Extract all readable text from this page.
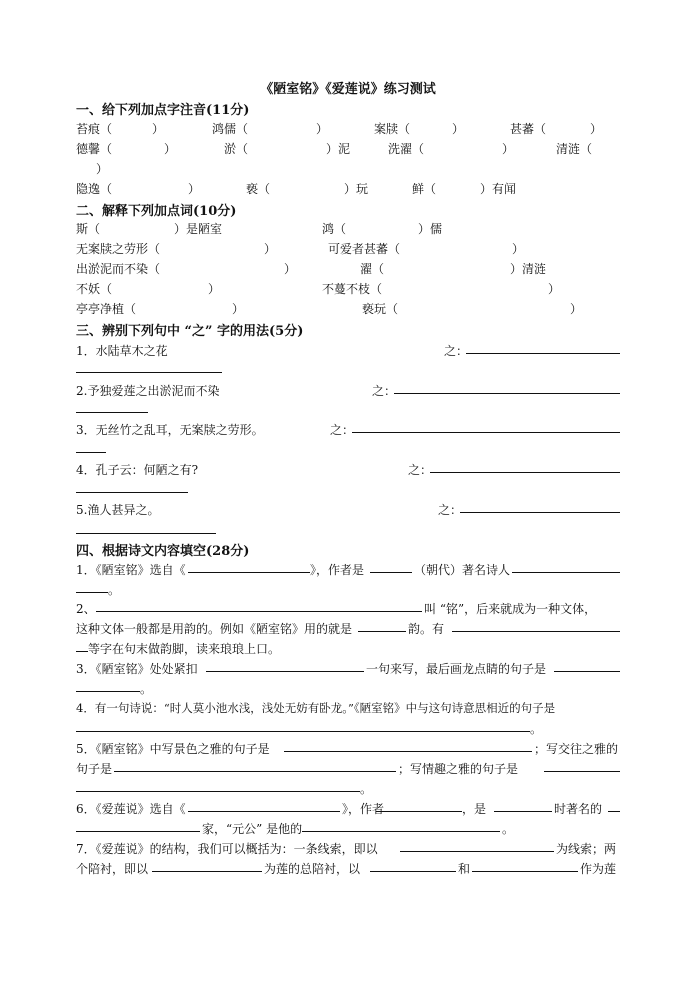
《陋室铭》《爱莲说》练习测试
一、给下列加点字注音(11分)
苔痕（	）	鸿儒（	）	案牍（	）	甚蕃（	）
德馨（	）	淤（	）泥	洗濯（	）	清涟（
）
隐逸（	）	亵（	）玩	鲜（	）有闻
二、解释下列加点词(10分)
斯（	）是陋室	鸿（	）儒
无案牍之劳形（	）	可爱者甚蕃（	）
出淤泥而不染（	）	濯（	）清涟
不妖（	）	不蔓不枝（	）
亭亭净植（	）	亵玩（	）
三、辨别下列句中 “之” 字的用法(5分)
1．水陆草木之花	之：
2.予独爱莲之出淤泥而不染	之：
3．无丝竹之乱耳，无案牍之劳形。	之：
4．孔子云：何陋之有?	之：
5.渔人甚异之。	之：
四、根据诗文内容填空(28分)
1．《陋室铭》选自《	》，作者是	（朝代）著名诗人
。
2、	叫 “铭”，后来就成为一种文体，
这种文体一般都是用韵的。例如《陋室铭》用的就是	韵。有
等字在句末做韵脚，读来琅琅上口。
3．《陋室铭》处处紧扣	一句来写，最后画龙点睛的句子是
。
4．有一句诗说：“时人莫小池水浅，浅处无妨有卧龙。”《陋室铭》中与这句诗意思相近的句子是
。
5．《陋室铭》中写景色之雅的句子是	；写交往之雅的
句子是	；写情趣之雅的句子是
。
6．《爱莲说》选自《	》，作者	，是	时著名的
家，“元公” 是他的	。
7．《爱莲说》的结构，我们可以概括为：一条线索，即以	为线索；两
个陪衬，即以	为莲的总陪衬，以	和	作为莲
